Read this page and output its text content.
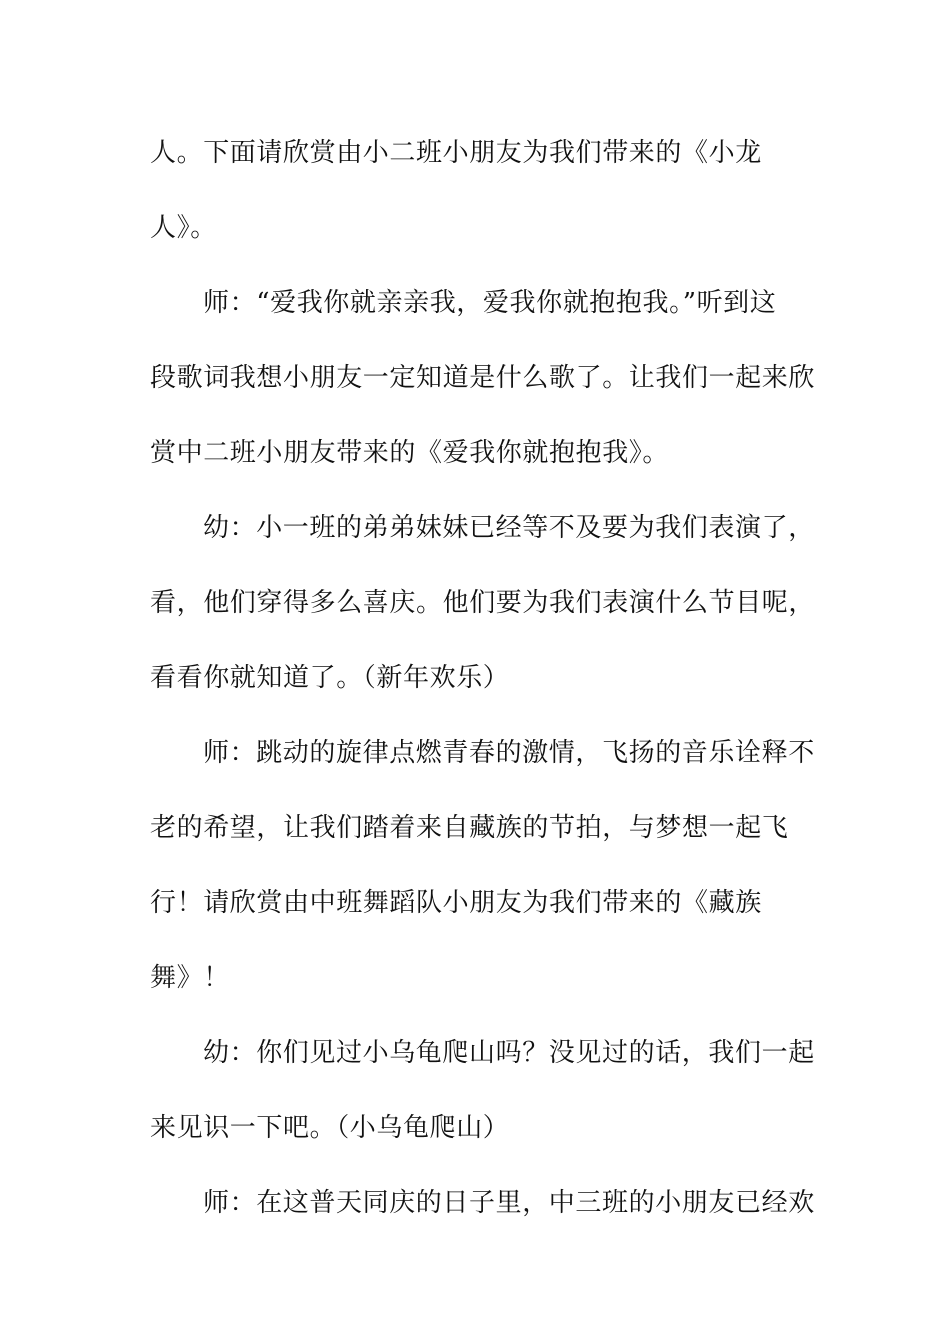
人。下面请欣赏由小二班小朋友为我们带来的《小龙
人》。
师：“爱我你就亲亲我，爱我你就抱抱我。”听到这
段歌词我想小朋友一定知道是什么歌了。让我们一起来欣
赏中二班小朋友带来的《爱我你就抱抱我》。
幼：小一班的弟弟妹妹已经等不及要为我们表演了，
看，他们穿得多么喜庆。他们要为我们表演什么节目呢，
看看你就知道了。（新年欢乐）
师：跳动的旋律点燃青春的激情，飞扬的音乐诠释不
老的希望，让我们踏着来自藏族的节拍，与梦想一起飞
行！请欣赏由中班舞蹈队小朋友为我们带来的《藏族
舞》！
幼：你们见过小乌龟爬山吗？没见过的话，我们一起
来见识一下吧。（小乌龟爬山）
师：在这普天同庆的日子里，中三班的小朋友已经欢
